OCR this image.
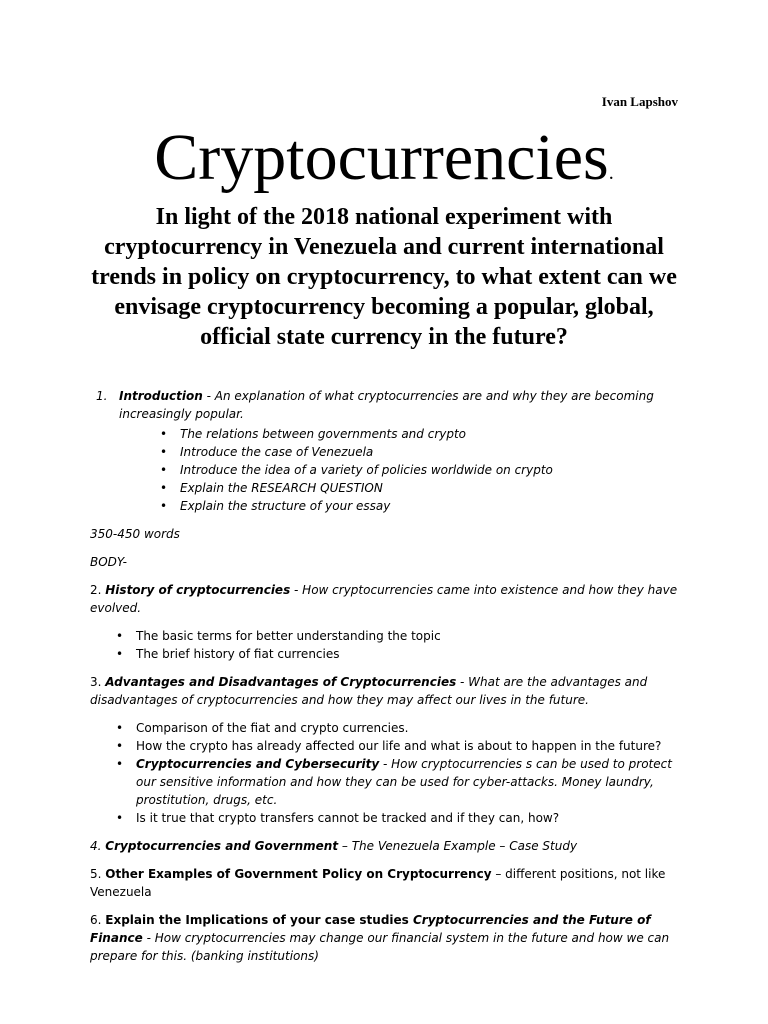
Ivan Lapshov
Cryptocurrencies.
In light of the 2018 national experiment with cryptocurrency in Venezuela and current international trends in policy on cryptocurrency, to what extent can we envisage cryptocurrency becoming a popular, global, official state currency in the future?
1. Introduction - An explanation of what cryptocurrencies are and why they are becoming increasingly popular.
• The relations between governments and crypto
• Introduce the case of Venezuela
• Introduce the idea of a variety of policies worldwide on crypto
• Explain the RESEARCH QUESTION
• Explain the structure of your essay

350-450 words

BODY-

2. History of cryptocurrencies - How cryptocurrencies came into existence and how they have evolved.

• The basic terms for better understanding the topic
• The brief history of fiat currencies

3. Advantages and Disadvantages of Cryptocurrencies - What are the advantages and disadvantages of cryptocurrencies and how they may affect our lives in the future.

• Comparison of the fiat and crypto currencies.
• How the crypto has already affected our life and what is about to happen in the future?
• Cryptocurrencies and Cybersecurity - How cryptocurrencies s can be used to protect our sensitive information and how they can be used for cyber-attacks. Money laundry, prostitution, drugs, etc.
• Is it true that crypto transfers cannot be tracked and if they can, how?

4. Cryptocurrencies and Government – The Venezuela Example – Case Study

5. Other Examples of Government Policy on Cryptocurrency – different positions, not like Venezuela

6. Explain the Implications of your case studies Cryptocurrencies and the Future of Finance - How cryptocurrencies may change our financial system in the future and how we can prepare for this. (banking institutions)
